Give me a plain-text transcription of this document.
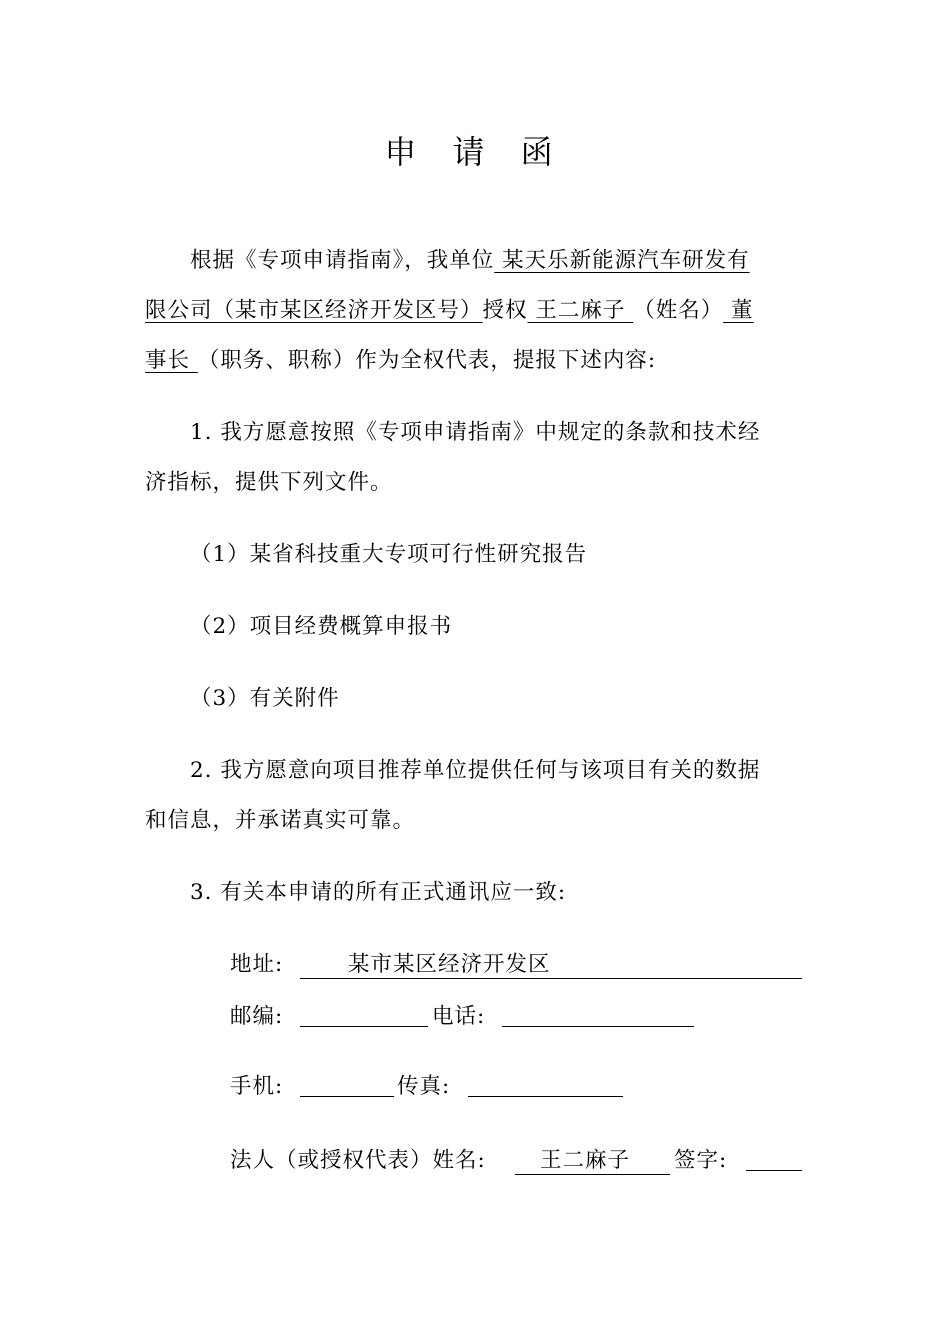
申 请 函
根据《专项申请指南》，我单位 某天乐新能源汽车研发有
限公司（某市某区经济开发区号）授权 王二麻子 （姓名） 董
事长 （职务、职称）作为全权代表，提报下述内容:
1. 我方愿意按照《专项申请指南》中规定的条款和技术经
济指标，提供下列文件。
（1）某省科技重大专项可行性研究报告
（2）项目经费概算申报书
（3）有关附件
2. 我方愿意向项目推荐单位提供任何与该项目有关的数据
和信息，并承诺真实可靠。
3. 有关本申请的所有正式通讯应一致:
地址:	某市某区经济开发区
邮编:	电话:
手机:	传真:
法人（或授权代表）姓名:	王二麻子	签字:
